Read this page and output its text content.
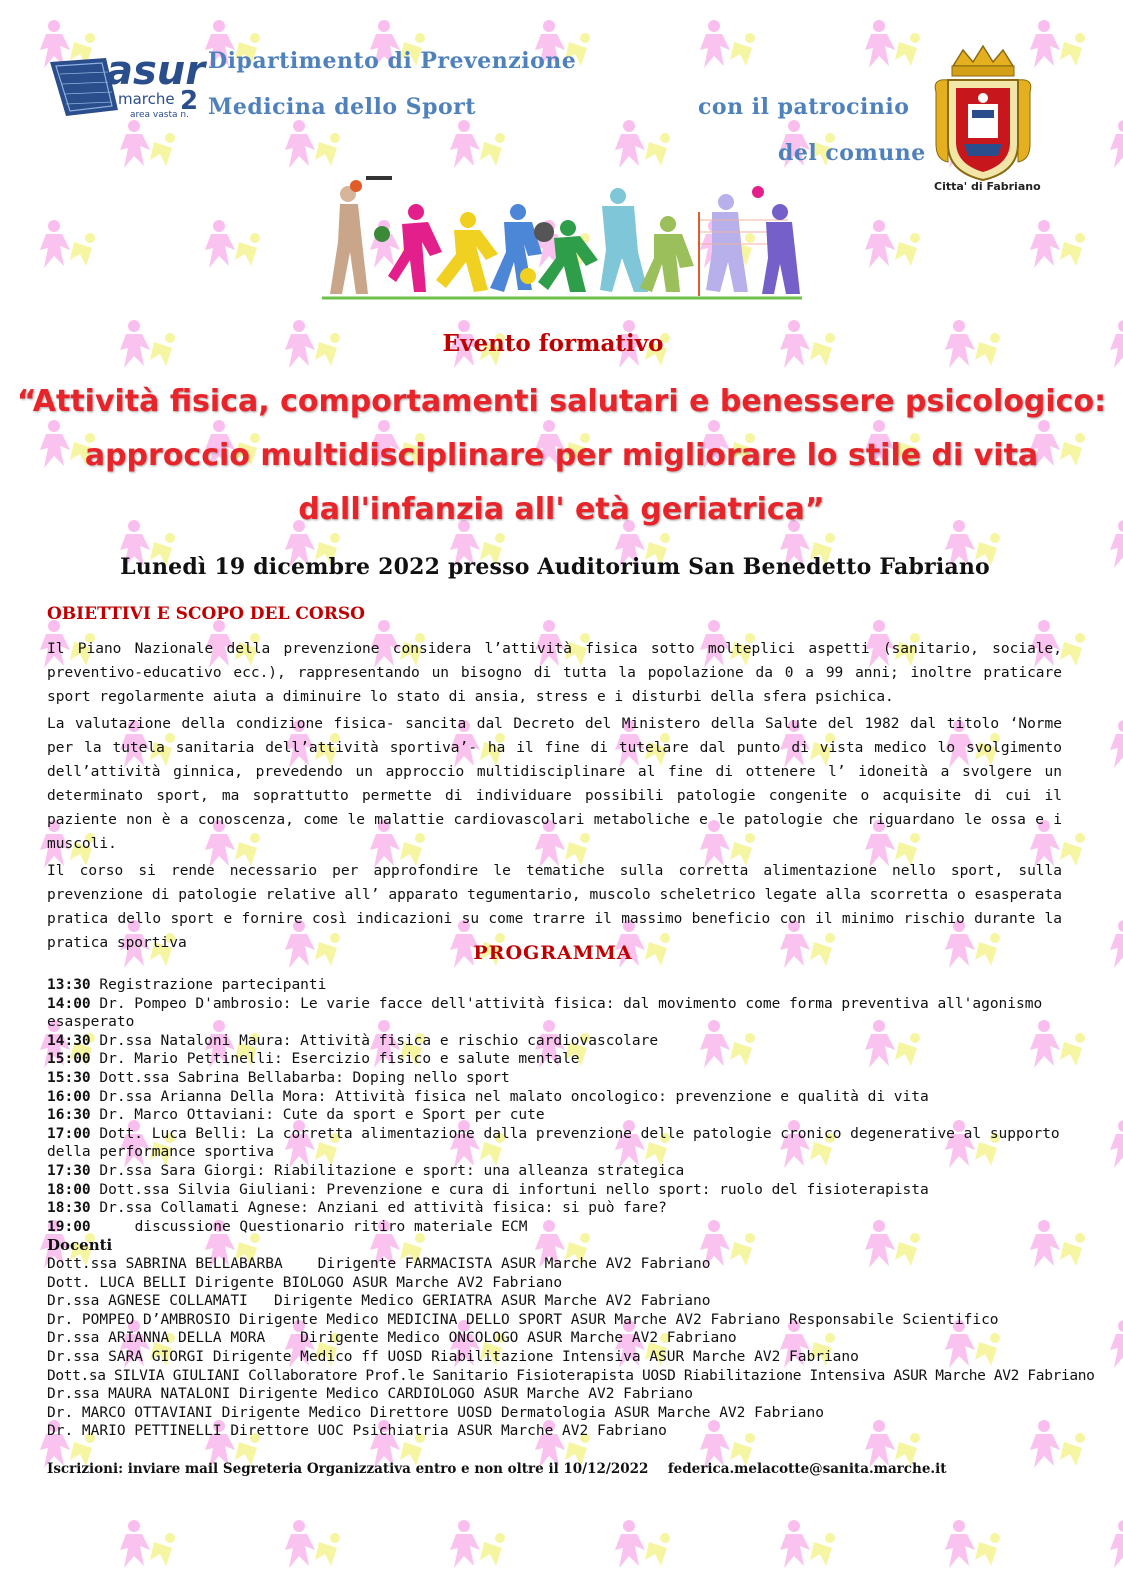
asur
marche 2
area vasta n.
Dipartimento di Prevenzione
Medicina dello Sport	con il patrocinio
del comune
Citta' di Fabriano
Evento formativo
“Attività fisica, comportamenti salutari e benessere psicologico:
approccio multidisciplinare per migliorare lo stile di vita
dall'infanzia all' età geriatrica”
Lunedì 19 dicembre 2022 presso Auditorium San Benedetto Fabriano
OBIETTIVI E SCOPO DEL CORSO

Il Piano Nazionale della prevenzione considera l’attività fisica sotto molteplici aspetti (sanitario, sociale, preventivo-educativo ecc.), rappresentando un bisogno di tutta la popolazione da 0 a 99 anni; inoltre praticare sport regolarmente aiuta a diminuire lo stato di ansia, stress e i disturbi della sfera psichica.

La valutazione della condizione fisica- sancita dal Decreto del Ministero della Salute del 1982 dal titolo ‘Norme per la tutela sanitaria dell’attività sportiva’- ha il fine di tutelare dal punto di vista medico lo svolgimento dell’attività ginnica, prevedendo un approccio multidisciplinare al fine di ottenere l’ idoneità a svolgere un determinato sport, ma soprattutto permette di individuare possibili patologie congenite o acquisite di cui il paziente non è a conoscenza, come le malattie cardiovascolari metaboliche e le patologie che riguardano le ossa e i muscoli.

Il corso si rende necessario per approfondire le tematiche sulla corretta alimentazione nello sport, sulla prevenzione di patologie relative all’ apparato tegumentario, muscolo scheletrico legate alla scorretta o esasperata pratica dello sport e fornire così indicazioni su come trarre il massimo beneficio con il minimo rischio durante la pratica sportiva	PROGRAMMA
13:30 Registrazione partecipanti
14:00 Dr. Pompeo D'ambrosio: Le varie facce dell'attività fisica: dal movimento come forma preventiva all'agonismo esasperato
14:30 Dr.ssa Nataloni Maura: Attività fisica e rischio cardiovascolare
15:00 Dr. Mario Pettinelli: Esercizio fisico e salute mentale
15:30 Dott.ssa Sabrina Bellabarba: Doping nello sport
16:00 Dr.ssa Arianna Della Mora: Attività fisica nel malato oncologico: prevenzione e qualità di vita
16:30 Dr. Marco Ottaviani: Cute da sport e Sport per cute
17:00 Dott. Luca Belli: La corretta alimentazione dalla prevenzione delle patologie cronico degenerative al supporto della performance sportiva
17:30 Dr.ssa Sara Giorgi: Riabilitazione e sport: una alleanza strategica
18:00 Dott.ssa Silvia Giuliani: Prevenzione e cura di infortuni nello sport: ruolo del fisioterapista
18:30 Dr.ssa Collamati Agnese: Anziani ed attività fisica: si può fare?
19:00	discussione Questionario ritiro materiale ECM
Docenti
Dott.ssa SABRINA BELLABARBA    Dirigente FARMACISTA ASUR Marche AV2 Fabriano
Dott. LUCA BELLI Dirigente BIOLOGO ASUR Marche AV2 Fabriano
Dr.ssa AGNESE COLLAMATI   Dirigente Medico GERIATRA ASUR Marche AV2 Fabriano
Dr. POMPEO D’AMBROSIO Dirigente Medico MEDICINA DELLO SPORT ASUR Marche AV2 Fabriano Responsabile Scientifico
Dr.ssa ARIANNA DELLA MORA    Dirigente Medico ONCOLOGO ASUR Marche AV2 Fabriano
Dr.ssa SARA GIORGI Dirigente Medico ff UOSD Riabilitazione Intensiva ASUR Marche AV2 Fabriano
Dott.sa SILVIA GIULIANI Collaboratore Prof.le Sanitario Fisioterapista UOSD Riabilitazione Intensiva ASUR Marche AV2 Fabriano
Dr.ssa MAURA NATALONI Dirigente Medico CARDIOLOGO ASUR Marche AV2 Fabriano
Dr. MARCO OTTAVIANI Dirigente Medico Direttore UOSD Dermatologia ASUR Marche AV2 Fabriano
Dr. MARIO PETTINELLI Direttore UOC Psichiatria ASUR Marche AV2 Fabriano
Iscrizioni: inviare mail Segreteria Organizzativa entro e non oltre il 10/12/2022 federica.melacotte@sanita.marche.it
